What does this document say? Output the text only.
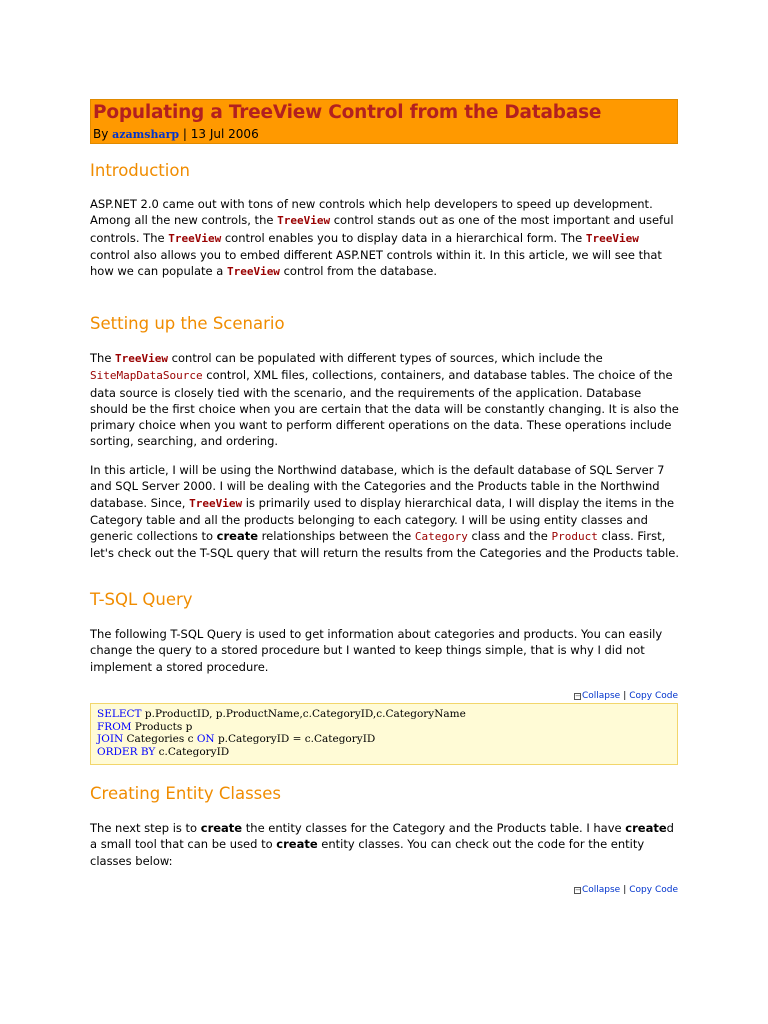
Populating a TreeView Control from the Database
By azamsharp | 13 Jul 2006
Introduction

ASP.NET 2.0 came out with tons of new controls which help developers to speed up development. Among all the new controls, the TreeView control stands out as one of the most important and useful controls. The TreeView control enables you to display data in a hierarchical form. The TreeView control also allows you to embed different ASP.NET controls within it. In this article, we will see that how we can populate a TreeView control from the database.

Setting up the Scenario

The TreeView control can be populated with different types of sources, which include the SiteMapDataSource control, XML files, collections, containers, and database tables. The choice of the data source is closely tied with the scenario, and the requirements of the application. Database should be the first choice when you are certain that the data will be constantly changing. It is also the primary choice when you want to perform different operations on the data. These operations include sorting, searching, and ordering.

In this article, I will be using the Northwind database, which is the default database of SQL Server 7 and SQL Server 2000. I will be dealing with the Categories and the Products table in the Northwind database. Since, TreeView is primarily used to display hierarchical data, I will display the items in the Category table and all the products belonging to each category. I will be using entity classes and generic collections to create relationships between the Category class and the Product class. First, let's check out the T-SQL query that will return the results from the Categories and the Products table.

T-SQL Query

The following T-SQL Query is used to get information about categories and products. You can easily change the query to a stored procedure but I wanted to keep things simple, that is why I did not implement a stored procedure.

−Collapse | Copy Code
SELECT p.ProductID, p.ProductName,c.CategoryID,c.CategoryName
FROM Products p
JOIN Categories c ON p.CategoryID = c.CategoryID
ORDER BY c.CategoryID
Creating Entity Classes

The next step is to create the entity classes for the Category and the Products table. I have created a small tool that can be used to create entity classes. You can check out the code for the entity classes below:

−Collapse | Copy Code
